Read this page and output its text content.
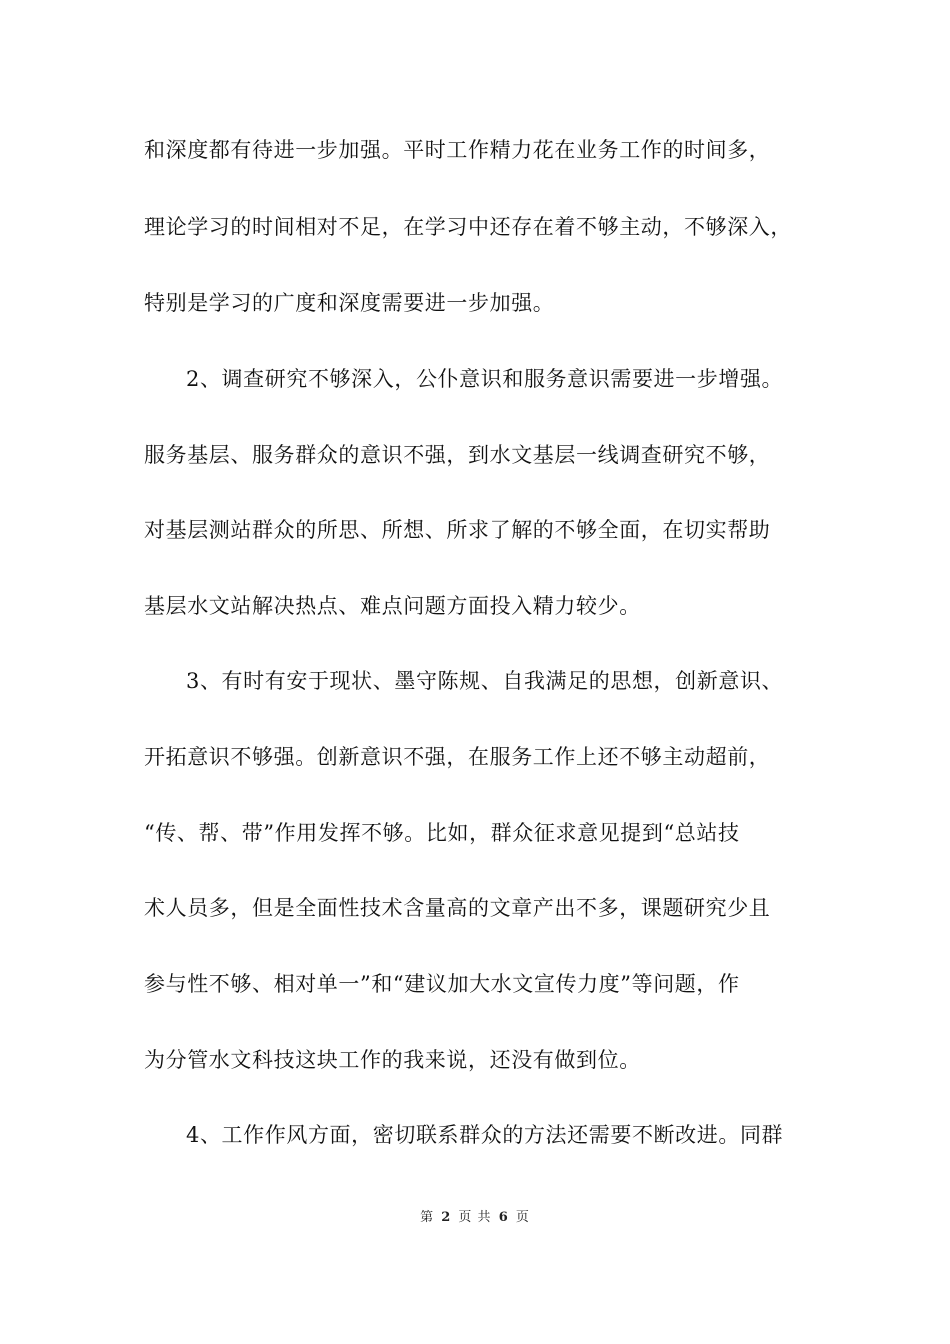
和深度都有待进一步加强。平时工作精力花在业务工作的时间多，
理论学习的时间相对不足，在学习中还存在着不够主动，不够深入，
特别是学习的广度和深度需要进一步加强。
2、调查研究不够深入，公仆意识和服务意识需要进一步增强。
服务基层、服务群众的意识不强，到水文基层一线调查研究不够，
对基层测站群众的所思、所想、所求了解的不够全面，在切实帮助
基层水文站解决热点、难点问题方面投入精力较少。
3、有时有安于现状、墨守陈规、自我满足的思想，创新意识、
开拓意识不够强。创新意识不强，在服务工作上还不够主动超前，
“传、帮、带”作用发挥不够。比如，群众征求意见提到“总站技
术人员多，但是全面性技术含量高的文章产出不多，课题研究少且
参与性不够、相对单一”和“建议加大水文宣传力度”等问题，作
为分管水文科技这块工作的我来说，还没有做到位。
4、工作作风方面，密切联系群众的方法还需要不断改进。同群
第 2 页 共 6 页
